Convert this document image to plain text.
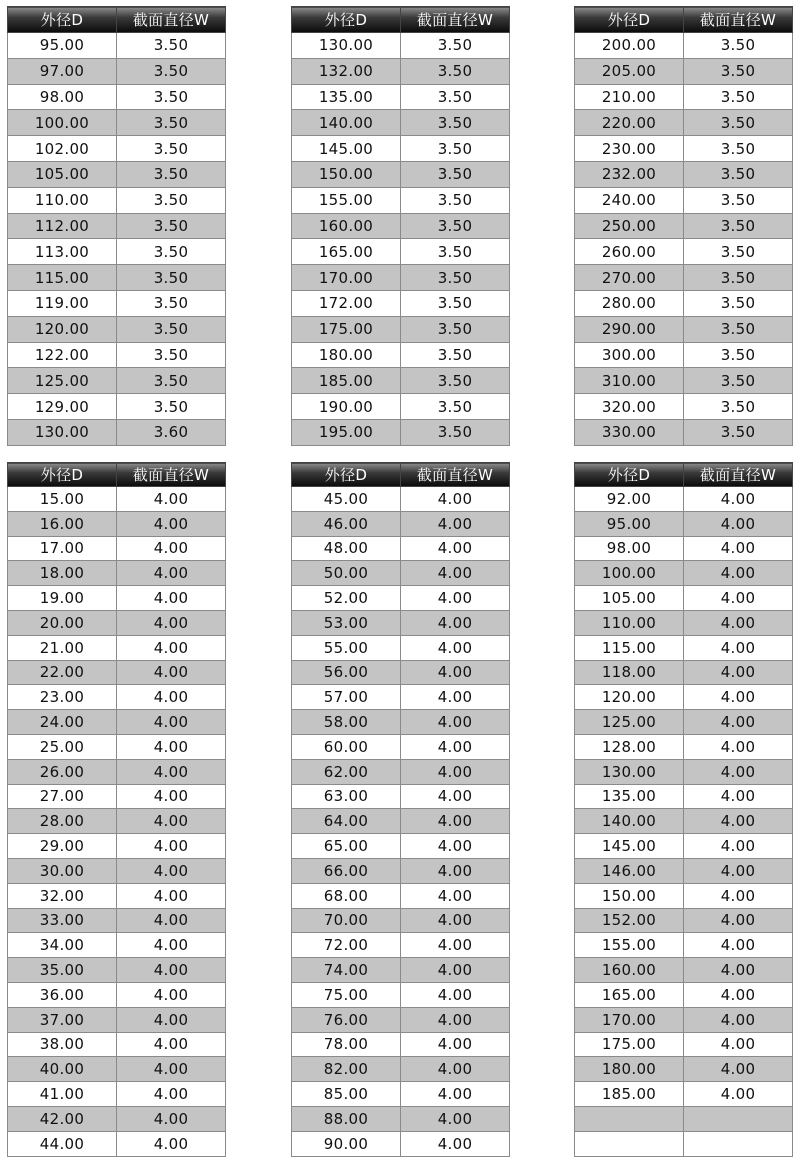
外径D	截面直径W
95.00	3.50
97.00	3.50
98.00	3.50
100.00	3.50
102.00	3.50
105.00	3.50
110.00	3.50
112.00	3.50
113.00	3.50
115.00	3.50
119.00	3.50
120.00	3.50
122.00	3.50
125.00	3.50
129.00	3.50
130.00	3.60
外径D	截面直径W
130.00	3.50
132.00	3.50
135.00	3.50
140.00	3.50
145.00	3.50
150.00	3.50
155.00	3.50
160.00	3.50
165.00	3.50
170.00	3.50
172.00	3.50
175.00	3.50
180.00	3.50
185.00	3.50
190.00	3.50
195.00	3.50
外径D	截面直径W
200.00	3.50
205.00	3.50
210.00	3.50
220.00	3.50
230.00	3.50
232.00	3.50
240.00	3.50
250.00	3.50
260.00	3.50
270.00	3.50
280.00	3.50
290.00	3.50
300.00	3.50
310.00	3.50
320.00	3.50
330.00	3.50
外径D	截面直径W
15.00	4.00
16.00	4.00
17.00	4.00
18.00	4.00
19.00	4.00
20.00	4.00
21.00	4.00
22.00	4.00
23.00	4.00
24.00	4.00
25.00	4.00
26.00	4.00
27.00	4.00
28.00	4.00
29.00	4.00
30.00	4.00
32.00	4.00
33.00	4.00
34.00	4.00
35.00	4.00
36.00	4.00
37.00	4.00
38.00	4.00
40.00	4.00
41.00	4.00
42.00	4.00
44.00	4.00
外径D	截面直径W
45.00	4.00
46.00	4.00
48.00	4.00
50.00	4.00
52.00	4.00
53.00	4.00
55.00	4.00
56.00	4.00
57.00	4.00
58.00	4.00
60.00	4.00
62.00	4.00
63.00	4.00
64.00	4.00
65.00	4.00
66.00	4.00
68.00	4.00
70.00	4.00
72.00	4.00
74.00	4.00
75.00	4.00
76.00	4.00
78.00	4.00
82.00	4.00
85.00	4.00
88.00	4.00
90.00	4.00
外径D	截面直径W
92.00	4.00
95.00	4.00
98.00	4.00
100.00	4.00
105.00	4.00
110.00	4.00
115.00	4.00
118.00	4.00
120.00	4.00
125.00	4.00
128.00	4.00
130.00	4.00
135.00	4.00
140.00	4.00
145.00	4.00
146.00	4.00
150.00	4.00
152.00	4.00
155.00	4.00
160.00	4.00
165.00	4.00
170.00	4.00
175.00	4.00
180.00	4.00
185.00	4.00
